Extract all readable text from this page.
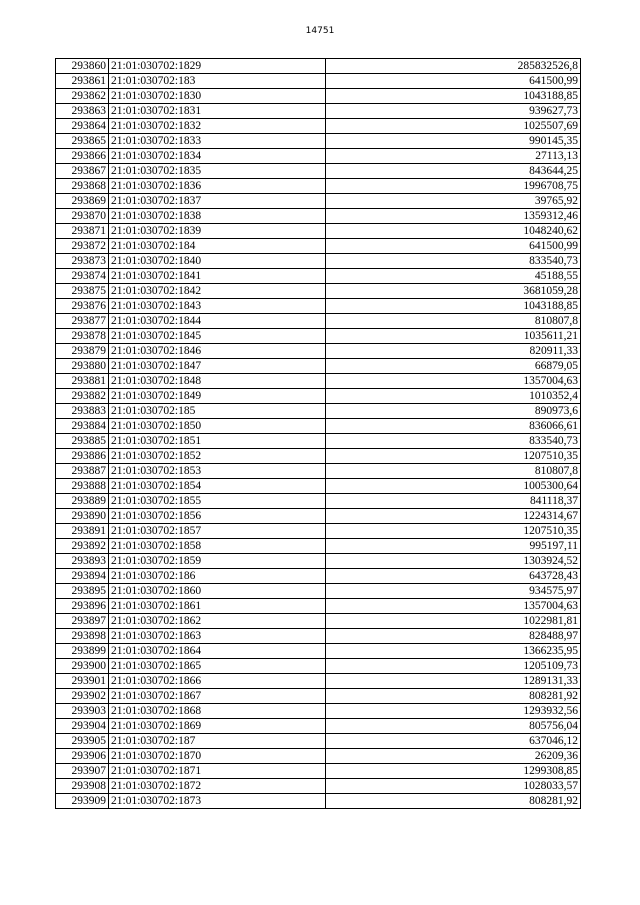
14751
293860	21:01:030702:1829	285832526,8
293861	21:01:030702:183	641500,99
293862	21:01:030702:1830	1043188,85
293863	21:01:030702:1831	939627,73
293864	21:01:030702:1832	1025507,69
293865	21:01:030702:1833	990145,35
293866	21:01:030702:1834	27113,13
293867	21:01:030702:1835	843644,25
293868	21:01:030702:1836	1996708,75
293869	21:01:030702:1837	39765,92
293870	21:01:030702:1838	1359312,46
293871	21:01:030702:1839	1048240,62
293872	21:01:030702:184	641500,99
293873	21:01:030702:1840	833540,73
293874	21:01:030702:1841	45188,55
293875	21:01:030702:1842	3681059,28
293876	21:01:030702:1843	1043188,85
293877	21:01:030702:1844	810807,8
293878	21:01:030702:1845	1035611,21
293879	21:01:030702:1846	820911,33
293880	21:01:030702:1847	66879,05
293881	21:01:030702:1848	1357004,63
293882	21:01:030702:1849	1010352,4
293883	21:01:030702:185	890973,6
293884	21:01:030702:1850	836066,61
293885	21:01:030702:1851	833540,73
293886	21:01:030702:1852	1207510,35
293887	21:01:030702:1853	810807,8
293888	21:01:030702:1854	1005300,64
293889	21:01:030702:1855	841118,37
293890	21:01:030702:1856	1224314,67
293891	21:01:030702:1857	1207510,35
293892	21:01:030702:1858	995197,11
293893	21:01:030702:1859	1303924,52
293894	21:01:030702:186	643728,43
293895	21:01:030702:1860	934575,97
293896	21:01:030702:1861	1357004,63
293897	21:01:030702:1862	1022981,81
293898	21:01:030702:1863	828488,97
293899	21:01:030702:1864	1366235,95
293900	21:01:030702:1865	1205109,73
293901	21:01:030702:1866	1289131,33
293902	21:01:030702:1867	808281,92
293903	21:01:030702:1868	1293932,56
293904	21:01:030702:1869	805756,04
293905	21:01:030702:187	637046,12
293906	21:01:030702:1870	26209,36
293907	21:01:030702:1871	1299308,85
293908	21:01:030702:1872	1028033,57
293909	21:01:030702:1873	808281,92
